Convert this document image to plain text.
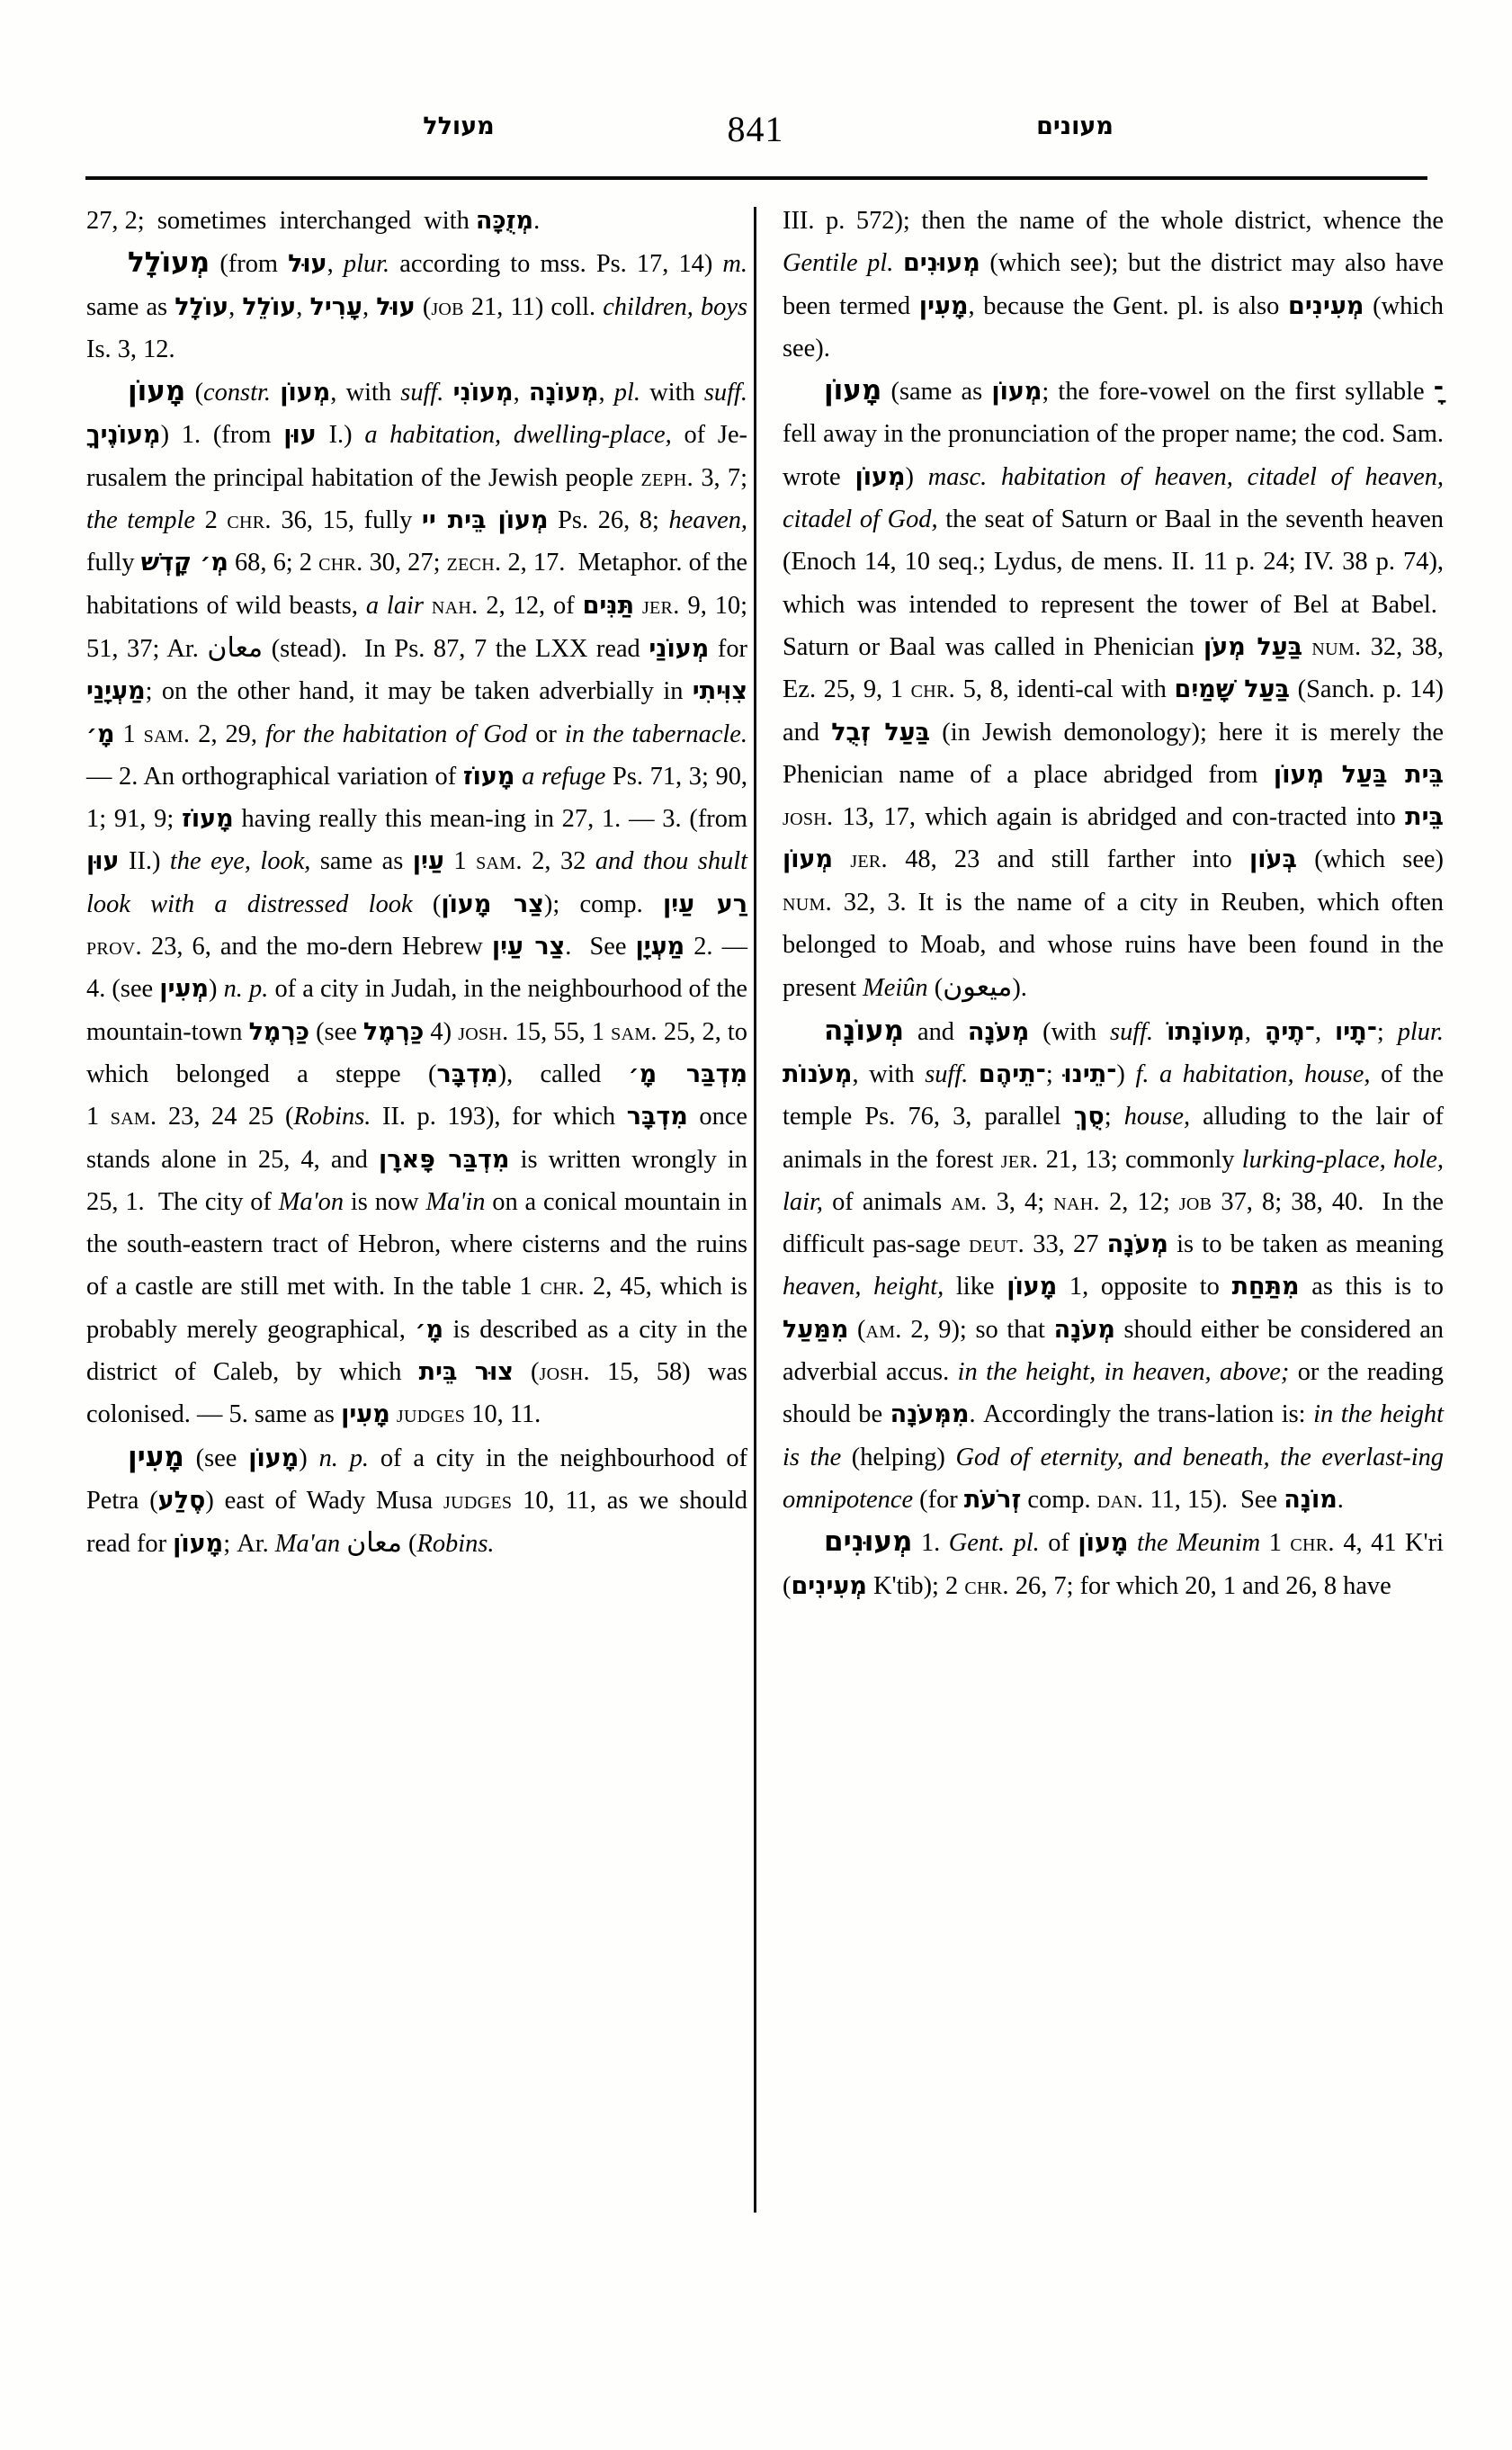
מעולל	841	מעונים

27, 2;  sometimes  interchanged  with מְזֻכָּה.

מְעוֹלָל (from עוּל, plur. according to mss. Ps. 17, 14) m. same as עוֹלָל, עוֹלֵל, עָרִיל, עוּל (job 21, 11) coll. children, boys Is. 3, 12.

מָעוֹן (constr. מְעוֹן, with suff. מְעוֹנִי, מְעוֹנָה, pl. with suff. מְעוֹנֶיךָ) 1. (from עוּן I.) a habitation, dwelling-place, of Je-rusalem the principal habitation of the Jewish people zeph. 3, 7; the temple 2 chr. 36, 15, fully מְעוֹן בֵּית יי Ps. 26, 8; heaven, fully מְ׳ קָדְשׁ 68, 6; 2 chr. 30, 27; zech. 2, 17.  Metaphor. of the habitations of wild beasts, a lair nah. 2, 12, of תַּנִּים jer. 9, 10; 51, 37; Ar. معان (stead).  In Ps. 87, 7 the LXX read מְעוֹנַי for מַעְיָנַי; on the other hand, it may be taken adverbially in צִוִּיתִי מָ׳ 1 sam. 2, 29, for the habitation of God or in the tabernacle. — 2. An orthographical variation of מָעוֹז a refuge Ps. 71, 3; 90, 1; 91, 9; מָעוֹז having really this mean-ing in 27, 1. — 3. (from עוּן II.) the eye, look, same as עַיִן 1 sam. 2, 32 and thou shult look with a distressed look (צַר מָעוֹן); comp. רַע עַיִן prov. 23, 6, and the mo-dern Hebrew צַר עַיִן.  See מַעְיָן 2. — 4. (see מְעִין) n. p. of a city in Judah, in the neighbourhood of the mountain-town כַּרְמֶל (see כַּרְמֶל 4) josh. 15, 55, 1 sam. 25, 2, to which belonged a steppe (מִדְבָּר), called מִדְבַּר מָ׳ 1 sam. 23, 24 25 (Robins. II. p. 193), for which מִדְבָּר once stands alone in 25, 4, and מִדְבַּר פָּארָן is written wrongly in 25, 1.  The city of Ma'on is now Ma'in on a conical mountain in the south-eastern tract of Hebron, where cisterns and the ruins of a castle are still met with. In the table 1 chr. 2, 45, which is probably merely geographical, מָ׳ is described as a city in the district of Caleb, by which בֵּית צוּר (josh. 15, 58) was colonised. — 5. same as מָעִין judges 10, 11.

מָעִין (see מָעוֹן) n. p. of a city in the neighbourhood of Petra (סֶלַע) east of Wady Musa judges 10, 11, as we should read for מָעוֹן; Ar. Ma'an معان (Robins.

III. p. 572); then the name of the whole district, whence the Gentile pl. מְעוּנִים (which see); but the district may also have been termed מָעִין, because the Gent. pl. is also מְעִינִים (which see).

מָעוֹן (same as מְעוֹן; the fore-vowel on the first syllable ־ָ fell away in the pronunciation of the proper name; the cod. Sam. wrote מְעוֹן) masc. habitation of heaven, citadel of heaven, citadel of God, the seat of Saturn or Baal in the seventh heaven (Enoch 14, 10 seq.; Lydus, de mens. II. 11 p. 24; IV. 38 p. 74), which was intended to represent the tower of Bel at Babel.  Saturn or Baal was called in Phenician בַּעַל מְעֹן num. 32, 38, Ez. 25, 9, 1 chr. 5, 8, identi-cal with בַּעַל שָׁמַיִם (Sanch. p. 14) and בַּעַל זְבֻל (in Jewish demonology); here it is merely the Phenician name of a place abridged from בֵּית בַּעַל מְעוֹן josh. 13, 17, which again is abridged and con-tracted into בֵּית מְעוֹן jer. 48, 23 and still farther into בְּעֹון (which see) num. 32, 3. It is the name of a city in Reuben, which often belonged to Moab, and whose ruins have been found in the present Meiûn (ميعون).

מְעוֹנָה and מְעֹנָה (with suff. מְעוֹנָתוֹ, ־תֶיהָ, ־תָיו; plur. מְעֹנוֹת, with suff. ־תֵיהֶם; ־תֵינוּ) f. a habitation, house, of the temple Ps. 76, 3, parallel סֻךְ; house, alluding to the lair of animals in the forest jer. 21, 13; commonly lurking-place, hole, lair, of animals am. 3, 4; nah. 2, 12; job 37, 8; 38, 40.  In the difficult pas-sage deut. 33, 27 מְעֹנָה is to be taken as meaning heaven, height, like מָעוֹן 1, opposite to מִתַּחַת as this is to מִמַּעַל (am. 2, 9); so that מְעֹנָה should either be considered an adverbial accus. in the height, in heaven, above; or the reading should be מִמְּעֹנָה. Accordingly the trans-lation is: in the height is the (helping) God of eternity, and beneath, the everlast-ing omnipotence (for זְרֹעֹת comp. dan. 11, 15).  See מוֹנָה.

מְעוּנִים 1. Gent. pl. of מָעוֹן the Meunim 1 chr. 4, 41 K'ri (מְעִינִים K'tib); 2 chr. 26, 7; for which 20, 1 and 26, 8 have
